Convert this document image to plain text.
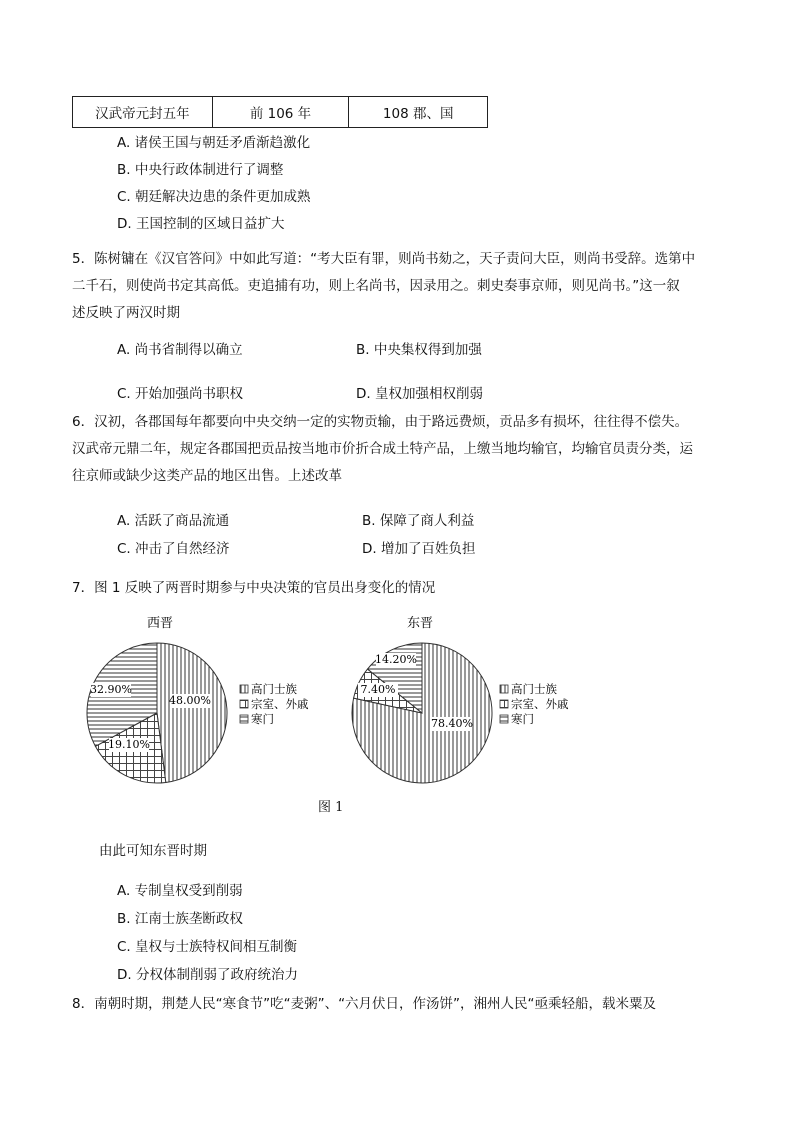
汉武帝元封五年	前 106 年	108 郡、国
A. 诸侯王国与朝廷矛盾渐趋激化
B. 中央行政体制进行了调整
C. 朝廷解决边患的条件更加成熟
D. 王国控制的区域日益扩大
5．陈树镛在《汉官答问》中如此写道：“考大臣有罪，则尚书劾之，天子责问大臣，则尚书受辞。选第中
二千石，则使尚书定其高低。吏追捕有功，则上名尚书，因录用之。刺史奏事京师，则见尚书。”这一叙
述反映了两汉时期
A. 尚书省制得以确立	B. 中央集权得到加强
C. 开始加强尚书职权	D. 皇权加强相权削弱
6．汉初，各郡国每年都要向中央交纳一定的实物贡输，由于路远费烦，贡品多有损坏，往往得不偿失。
汉武帝元鼎二年，规定各郡国把贡品按当地市价折合成土特产品，上缴当地均输官，均输官员责分类，运
往京师或缺少这类产品的地区出售。上述改革
A. 活跃了商品流通	B. 保障了商人利益
C. 冲击了自然经济	D. 增加了百姓负担
7．图 1 反映了两晋时期参与中央决策的官员出身变化的情况
48.00%
19.10%
32.90%
西晋
高门士族
宗室、外戚
寒门	78.40%
7.40%
14.20%
东晋
高门士族
宗室、外戚
寒门
图 1
由此可知东晋时期
A. 专制皇权受到削弱
B. 江南士族垄断政权
C. 皇权与士族特权间相互制衡
D. 分权体制削弱了政府统治力
8．南朝时期，荆楚人民“寒食节”吃“麦粥”、“六月伏日，作汤饼”，湘州人民“亟乘轻船，载米粟及
